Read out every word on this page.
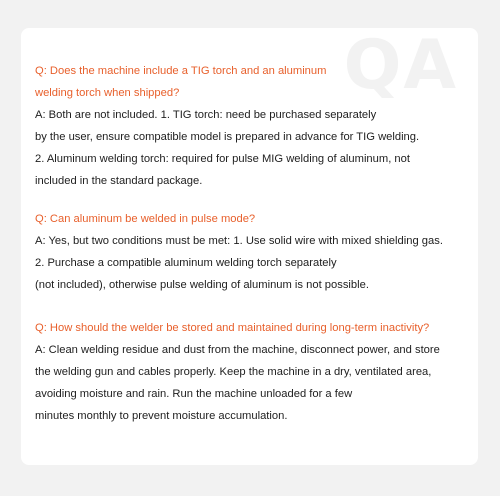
QA
Q: Does the machine include a TIG torch and an aluminum
welding torch when shipped?
A: Both are not included. 1. TIG torch: need be purchased separately
by the user, ensure compatible model is prepared in advance for TIG welding.
2. Aluminum welding torch: required for pulse MIG welding of aluminum, not
included in the standard package.
Q: Can aluminum be welded in pulse mode?
A: Yes, but two conditions must be met: 1. Use solid wire with mixed shielding gas.
2. Purchase a compatible aluminum welding torch separately
(not included), otherwise pulse welding of aluminum is not possible.
Q: How should the welder be stored and maintained during long-term inactivity?
A: Clean welding residue and dust from the machine, disconnect power, and store
the welding gun and cables properly. Keep the machine in a dry, ventilated area,
avoiding moisture and rain. Run the machine unloaded for a few
minutes monthly to prevent moisture accumulation.
